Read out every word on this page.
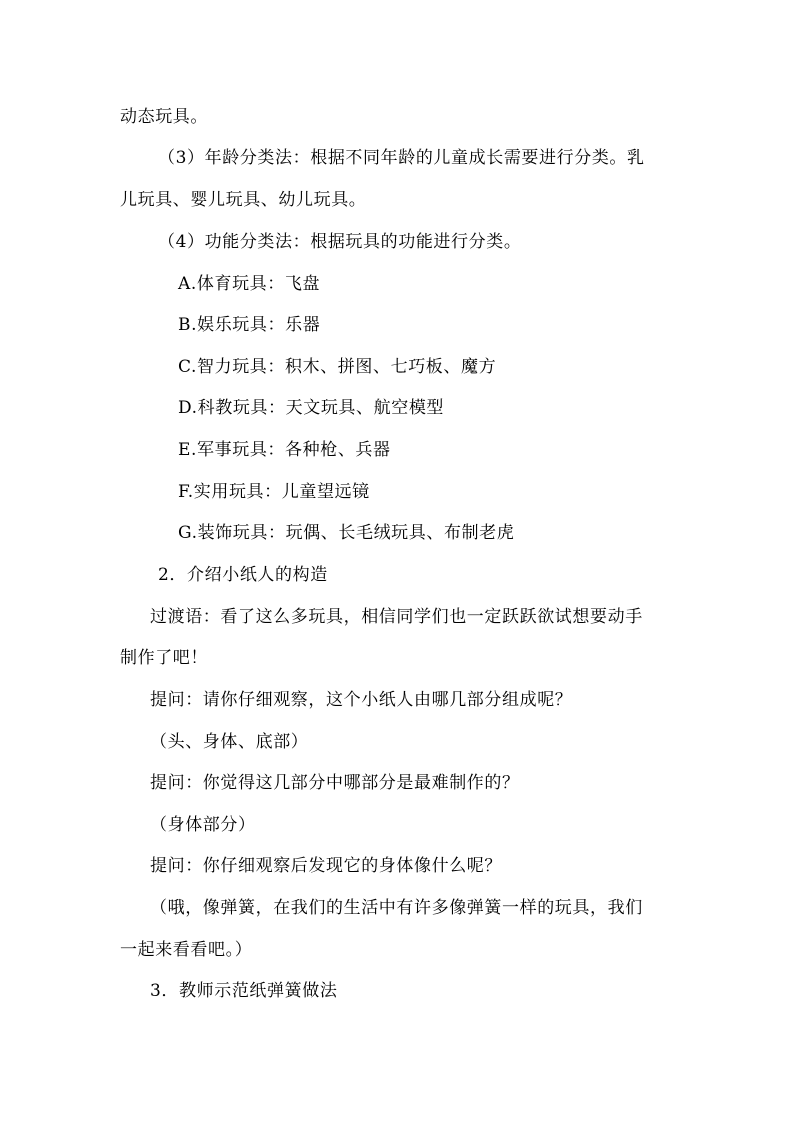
动态玩具。
（3）年龄分类法：根据不同年龄的儿童成长需要进行分类。乳
儿玩具、婴儿玩具、幼儿玩具。
（4）功能分类法：根据玩具的功能进行分类。
A.体育玩具：飞盘
B.娱乐玩具：乐器
C.智力玩具：积木、拼图、七巧板、魔方
D.科教玩具：天文玩具、航空模型
E.军事玩具：各种枪、兵器
F.实用玩具：儿童望远镜
G.装饰玩具：玩偶、长毛绒玩具、布制老虎
2．介绍小纸人的构造
过渡语：看了这么多玩具，相信同学们也一定跃跃欲试想要动手
制作了吧！
提问：请你仔细观察，这个小纸人由哪几部分组成呢？
（头、身体、底部）
提问：你觉得这几部分中哪部分是最难制作的？
（身体部分）
提问：你仔细观察后发现它的身体像什么呢？
（哦，像弹簧，在我们的生活中有许多像弹簧一样的玩具，我们
一起来看看吧。）
3．教师示范纸弹簧做法
